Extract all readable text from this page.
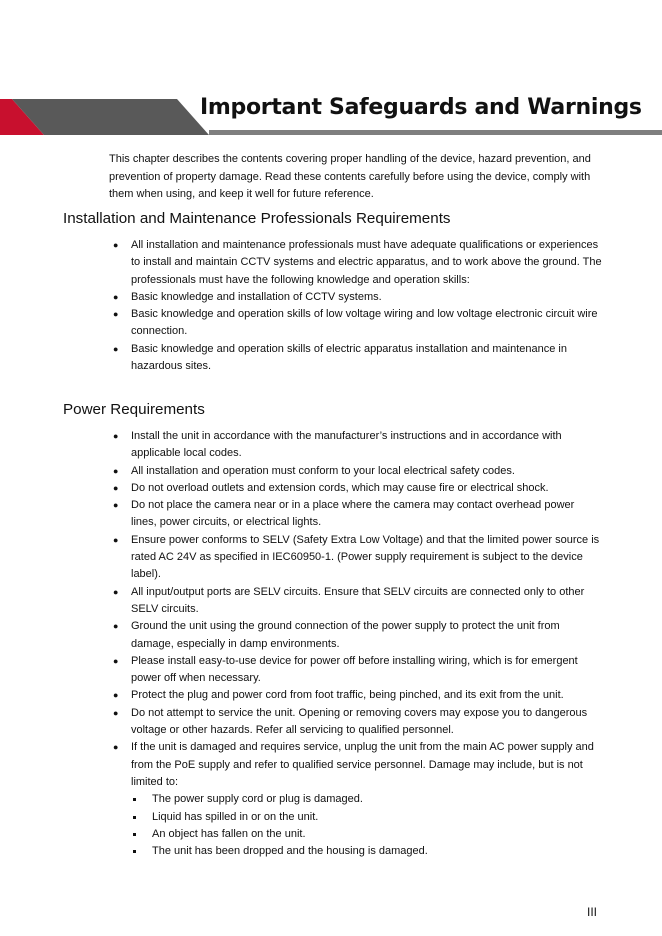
Important Safeguards and Warnings

This chapter describes the contents covering proper handling of the device, hazard prevention, and prevention of property damage. Read these contents carefully before using the device, comply with them when using, and keep it well for future reference.

Installation and Maintenance Professionals Requirements
● All installation and maintenance professionals must have adequate qualifications or experiences to install and maintain CCTV systems and electric apparatus, and to work above the ground. The professionals must have the following knowledge and operation skills:
● Basic knowledge and installation of CCTV systems.
● Basic knowledge and operation skills of low voltage wiring and low voltage electronic circuit wire connection.
● Basic knowledge and operation skills of electric apparatus installation and maintenance in hazardous sites.
Power Requirements
● Install the unit in accordance with the manufacturer’s instructions and in accordance with applicable local codes.
● All installation and operation must conform to your local electrical safety codes.
● Do not overload outlets and extension cords, which may cause fire or electrical shock.
● Do not place the camera near or in a place where the camera may contact overhead power lines, power circuits, or electrical lights.
● Ensure power conforms to SELV (Safety Extra Low Voltage) and that the limited power source is rated AC 24V as specified in IEC60950-1. (Power supply requirement is subject to the device label).
● All input/output ports are SELV circuits. Ensure that SELV circuits are connected only to other SELV circuits.
● Ground the unit using the ground connection of the power supply to protect the unit from damage, especially in damp environments.
● Please install easy-to-use device for power off before installing wiring, which is for emergent power off when necessary.
● Protect the plug and power cord from foot traffic, being pinched, and its exit from the unit.
● Do not attempt to service the unit. Opening or removing covers may expose you to dangerous voltage or other hazards. Refer all servicing to qualified personnel.
● If the unit is damaged and requires service, unplug the unit from the main AC power supply and from the PoE supply and refer to qualified service personnel. Damage may include, but is not limited to:
The power supply cord or plug is damaged.
Liquid has spilled in or on the unit.
An object has fallen on the unit.
The unit has been dropped and the housing is damaged.
III
